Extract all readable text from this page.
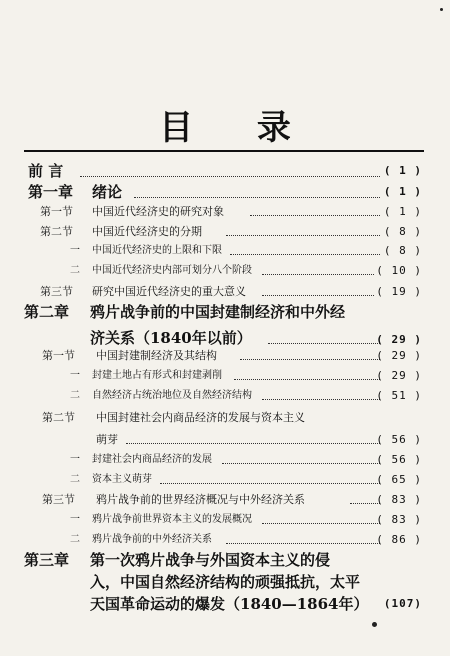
目 录
前 言	( 1 )
第一章 绪论	( 1 )
第一节 中国近代经济史的研究对象	( 1 )
第二节 中国近代经济史的分期	( 8 )
一 中国近代经济史的上限和下限	( 8 )
二 中国近代经济史内部可划分八个阶段	( 10 )
第三节 研究中国近代经济史的重大意义	( 19 )
第二章 鸦片战争前的中国封建制经济和中外经
济关系（1840年以前）	( 29 )
第一节 中国封建制经济及其结构	( 29 )
一 封建土地占有形式和封建剥削	( 29 )
二 自然经济占统治地位及自然经济结构	( 51 )
第二节 中国封建社会内商品经济的发展与资本主义
萌芽	( 56 )
一 封建社会内商品经济的发展	( 56 )
二 资本主义萌芽	( 65 )
第三节 鸦片战争前的世界经济概况与中外经济关系	( 83 )
一 鸦片战争前世界资本主义的发展概况	( 83 )
二 鸦片战争前的中外经济关系	( 86 )
第三章 第一次鸦片战争与外国资本主义的侵
入，中国自然经济结构的顽强抵抗，太平
天国革命运动的爆发（1840—1864年） (107)
